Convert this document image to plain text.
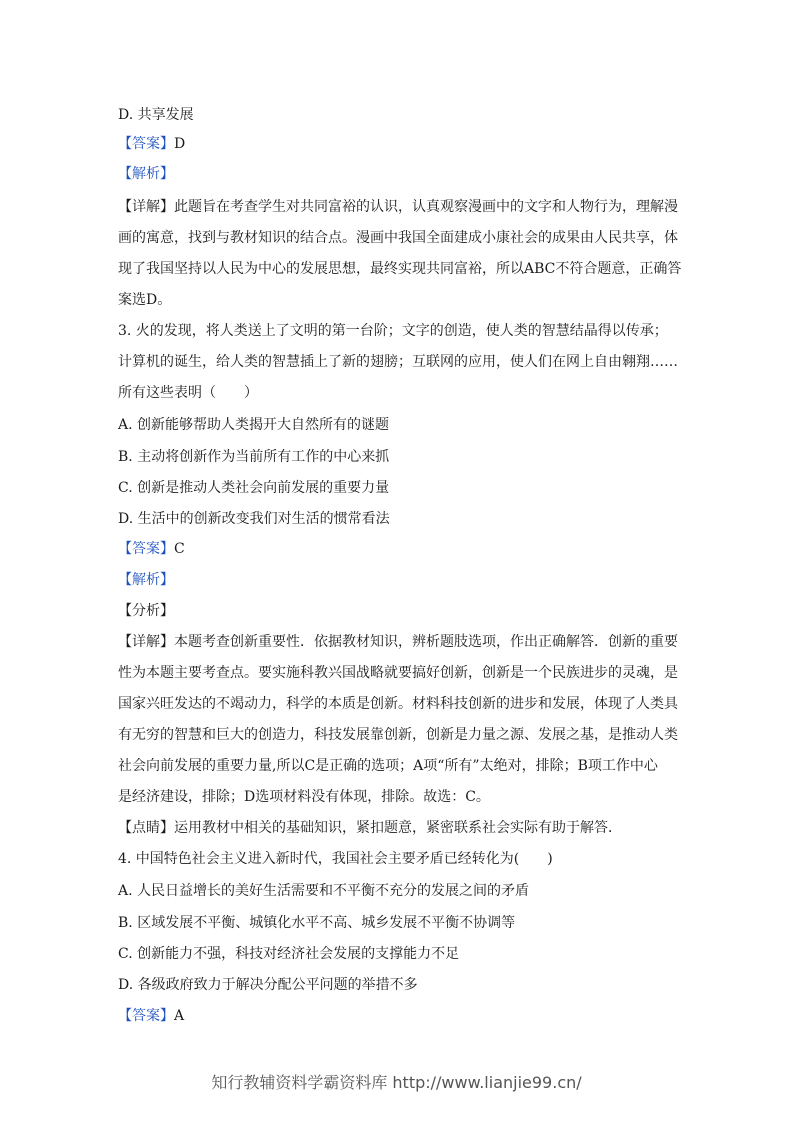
D. 共享发展
【答案】D
【解析】
【详解】此题旨在考查学生对共同富裕的认识，认真观察漫画中的文字和人物行为，理解漫
画的寓意，找到与教材知识的结合点。漫画中我国全面建成小康社会的成果由人民共享，体
现了我国坚持以人民为中心的发展思想，最终实现共同富裕，所以ABC不符合题意，正确答
案选D。
3. 火的发现，将人类送上了文明的第一台阶；文字的创造，使人类的智慧结晶得以传承；
计算机的诞生，给人类的智慧插上了新的翅膀；互联网的应用，使人们在网上自由翱翔……
所有这些表明（　　）
A. 创新能够帮助人类揭开大自然所有的谜题
B. 主动将创新作为当前所有工作的中心来抓
C. 创新是推动人类社会向前发展的重要力量
D. 生活中的创新改变我们对生活的惯常看法
【答案】C
【解析】
【分析】
【详解】本题考查创新重要性．依据教材知识，辨析题肢选项，作出正确解答．创新的重要
性为本题主要考查点。要实施科教兴国战略就要搞好创新，创新是一个民族进步的灵魂，是
国家兴旺发达的不竭动力，科学的本质是创新。材料科技创新的进步和发展，体现了人类具
有无穷的智慧和巨大的创造力，科技发展靠创新，创新是力量之源、发展之基，是推动人类
社会向前发展的重要力量,所以C是正确的选项；A项“所有”太绝对，排除；B项工作中心
是经济建设，排除；D选项材料没有体现，排除。故选：C。
【点睛】运用教材中相关的基础知识，紧扣题意，紧密联系社会实际有助于解答．
4. 中国特色社会主义进入新时代，我国社会主要矛盾已经转化为(　　)
A. 人民日益增长的美好生活需要和不平衡不充分的发展之间的矛盾
B. 区域发展不平衡、城镇化水平不高、城乡发展不平衡不协调等
C. 创新能力不强，科技对经济社会发展的支撑能力不足
D. 各级政府致力于解决分配公平问题的举措不多
【答案】A
知行教辅资料学霸资料库 http://www.lianjie99.cn/
